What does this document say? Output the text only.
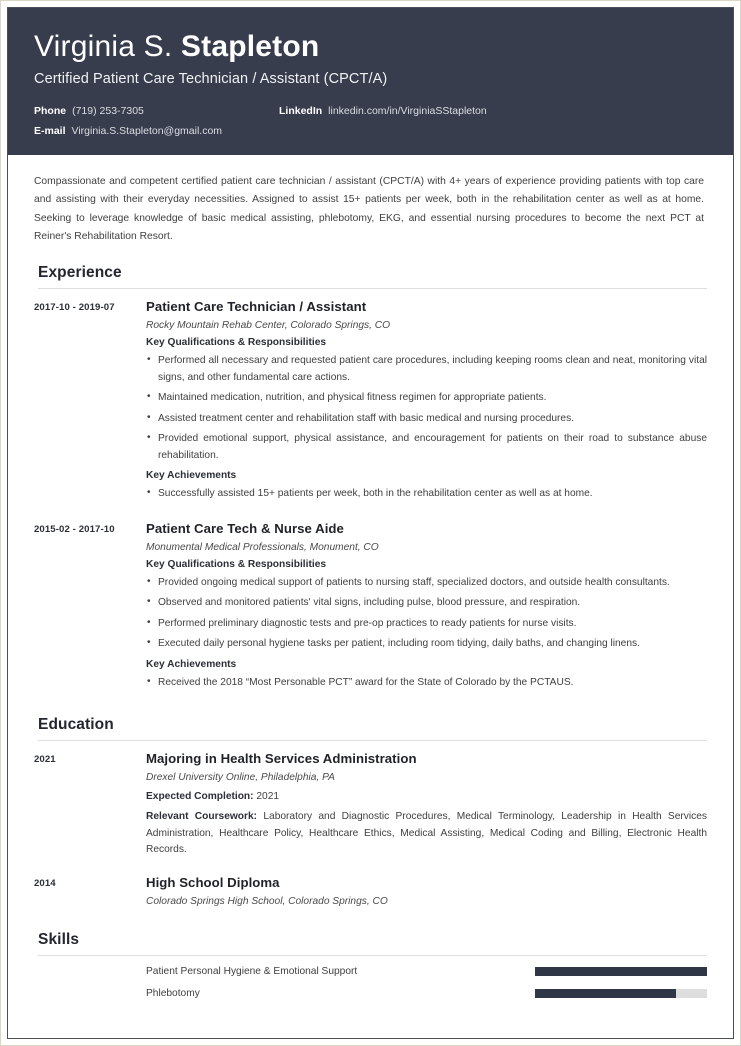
Virginia S. Stapleton
Certified Patient Care Technician / Assistant (CPCT/A)
Phone (719) 253-7305	LinkedIn linkedin.com/in/VirginiaSStapleton
E-mail Virginia.S.Stapleton@gmail.com

Compassionate and competent certified patient care technician / assistant (CPCT/A) with 4+ years of experience providing patients with top care and assisting with their everyday necessities. Assigned to assist 15+ patients per week, both in the rehabilitation center as well as at home. Seeking to leverage knowledge of basic medical assisting, phlebotomy, EKG, and essential nursing procedures to become the next PCT at Reiner's Rehabilitation Resort.

Experience
2017-10 - 2019-07	Patient Care Technician / Assistant
Rocky Mountain Rehab Center, Colorado Springs, CO
Key Qualifications & Responsibilities
• Performed all necessary and requested patient care procedures, including keeping rooms clean and neat, monitoring vital signs, and other fundamental care actions.
• Maintained medication, nutrition, and physical fitness regimen for appropriate patients.
• Assisted treatment center and rehabilitation staff with basic medical and nursing procedures.
• Provided emotional support, physical assistance, and encouragement for patients on their road to substance abuse rehabilitation.
Key Achievements
• Successfully assisted 15+ patients per week, both in the rehabilitation center as well as at home.
2015-02 - 2017-10	Patient Care Tech & Nurse Aide
Monumental Medical Professionals, Monument, CO
Key Qualifications & Responsibilities
• Provided ongoing medical support of patients to nursing staff, specialized doctors, and outside health consultants.
• Observed and monitored patients' vital signs, including pulse, blood pressure, and respiration.
• Performed preliminary diagnostic tests and pre-op practices to ready patients for nurse visits.
• Executed daily personal hygiene tasks per patient, including room tidying, daily baths, and changing linens.
Key Achievements
• Received the 2018 “Most Personable PCT” award for the State of Colorado by the PCTAUS.
Education
2021	Majoring in Health Services Administration
Drexel University Online, Philadelphia, PA
Expected Completion: 2021
Relevant Coursework: Laboratory and Diagnostic Procedures, Medical Terminology, Leadership in Health Services Administration, Healthcare Policy, Healthcare Ethics, Medical Assisting, Medical Coding and Billing, Electronic Health Records.
2014	High School Diploma
Colorado Springs High School, Colorado Springs, CO
Skills
Patient Personal Hygiene & Emotional Support
Phlebotomy
